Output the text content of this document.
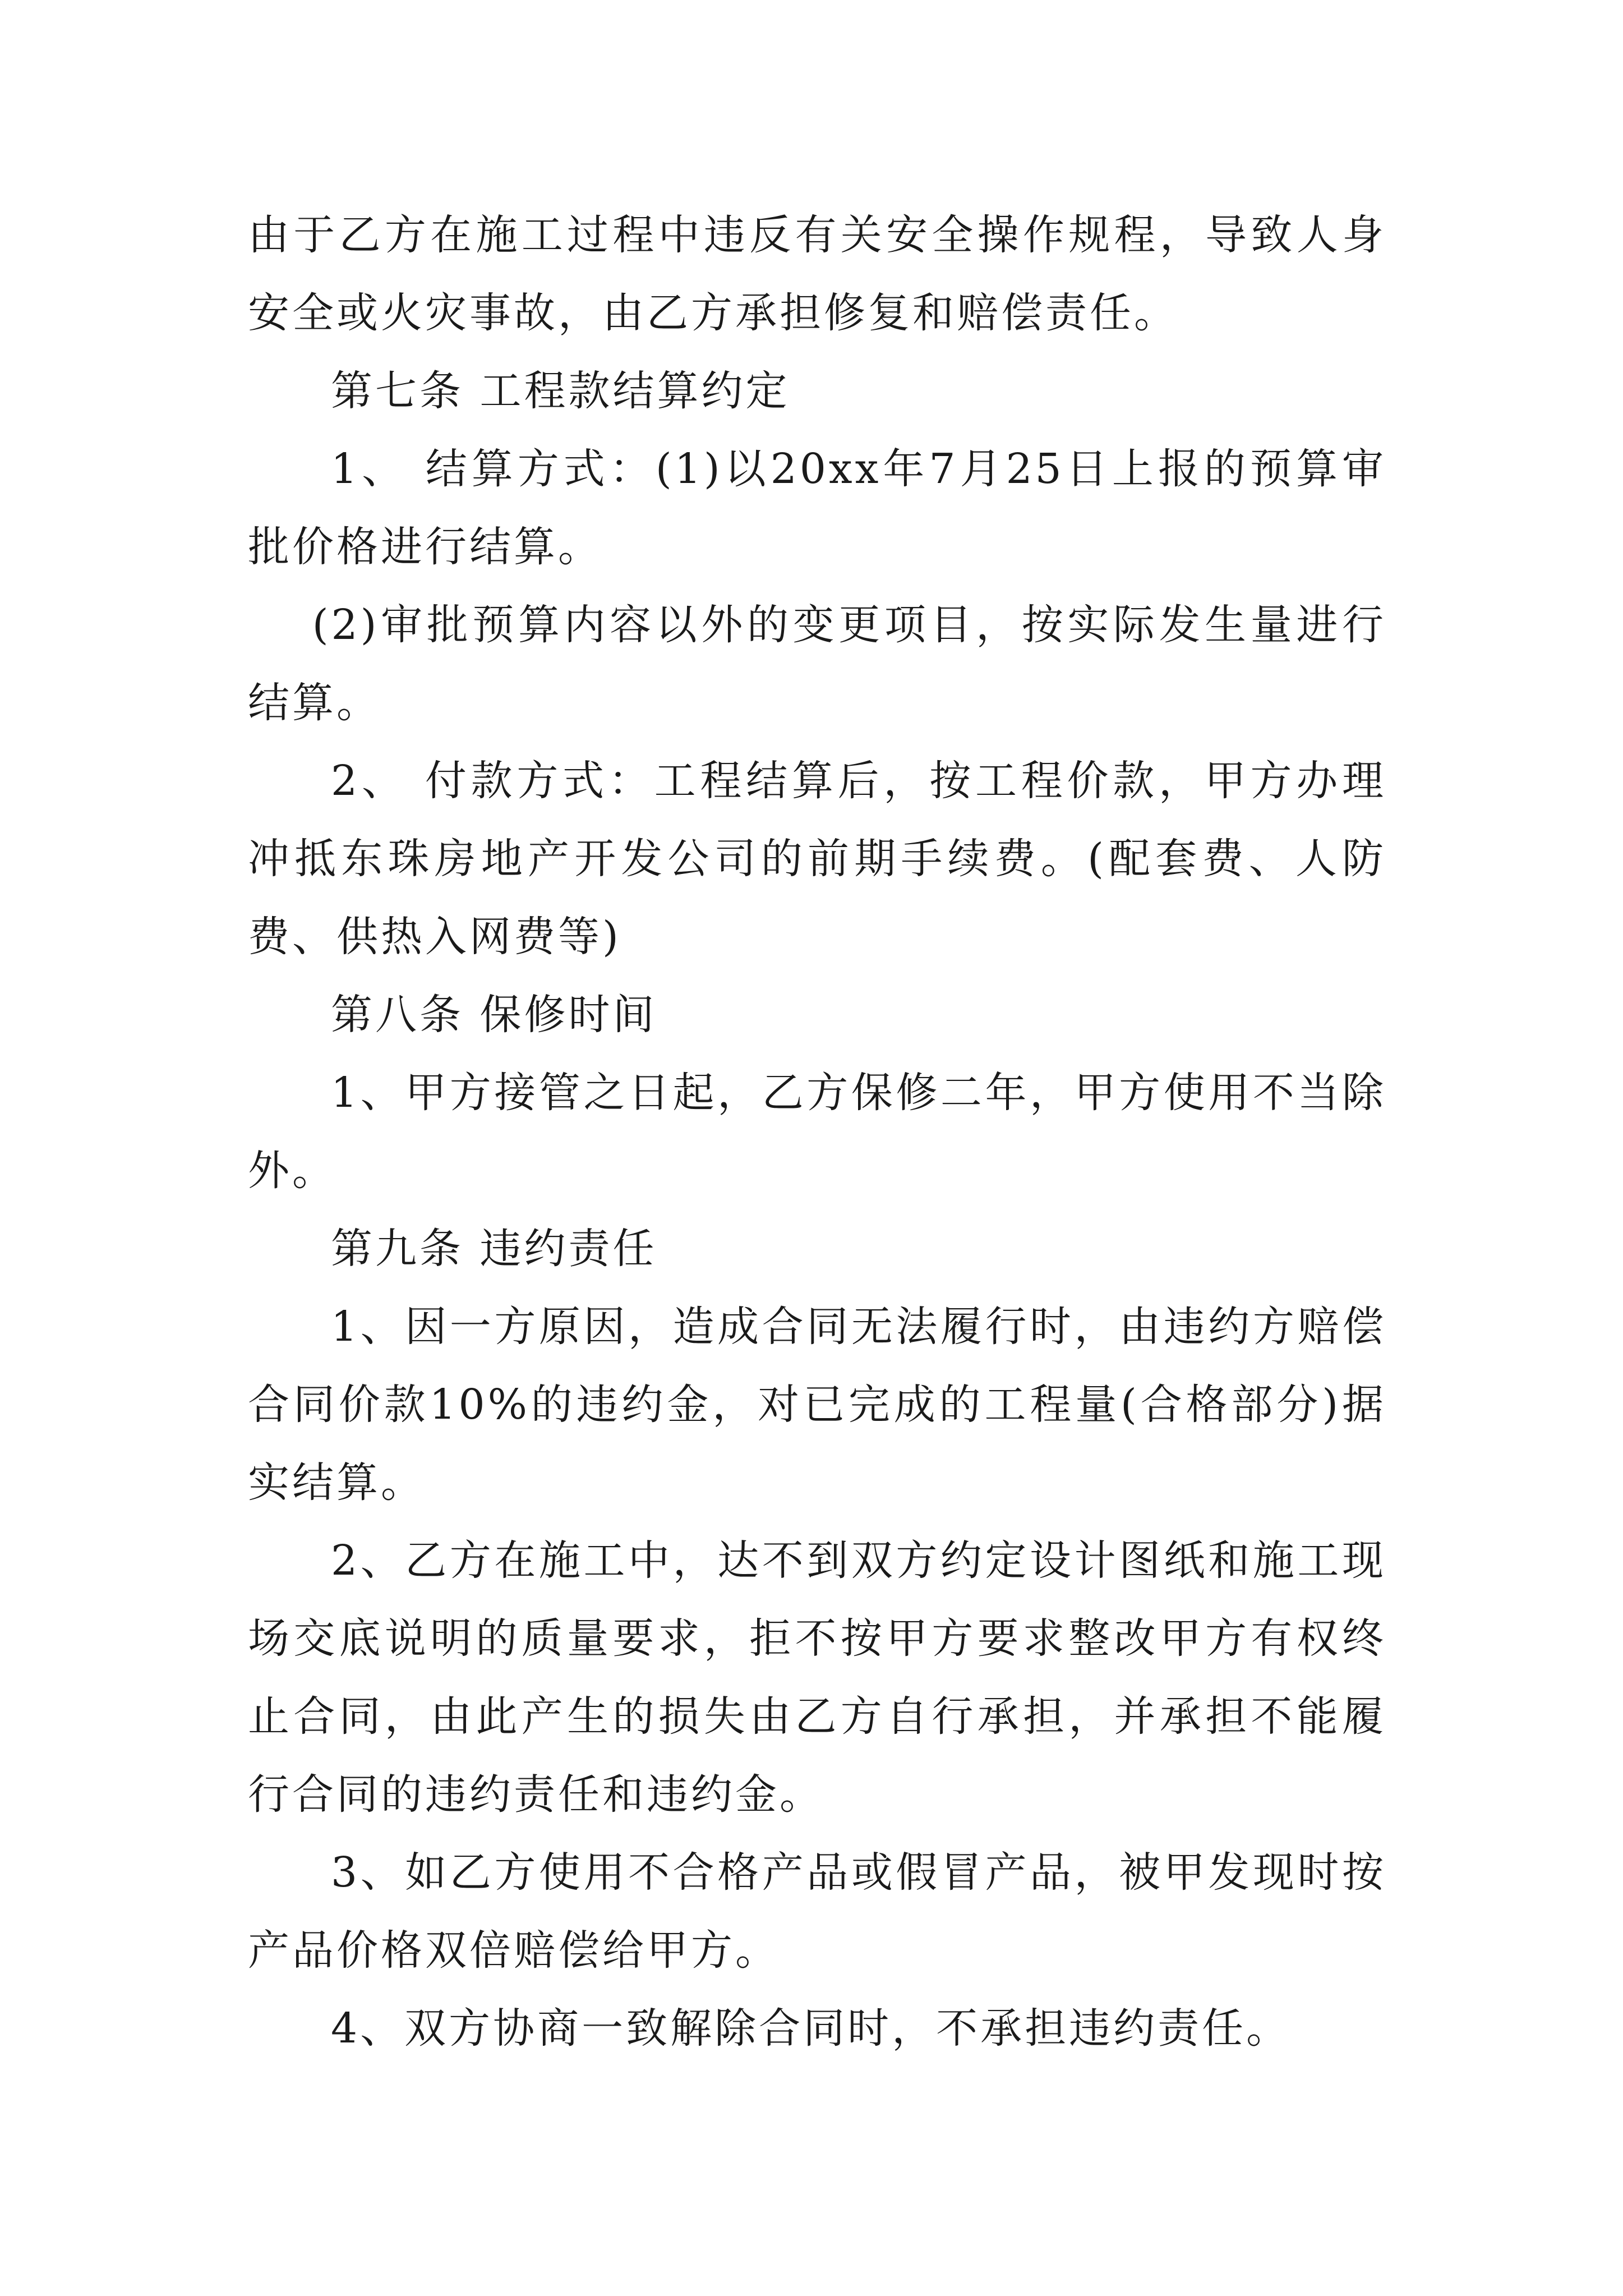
由于乙方在施工过程中违反有关安全操作规程，导致人身安全或火灾事故，由乙方承担修复和赔偿责任。

第七条 工程款结算约定

1、 结算方式：(1)以20xx年7月25日上报的预算审批价格进行结算。

(2)审批预算内容以外的变更项目，按实际发生量进行结算。

2、 付款方式：工程结算后，按工程价款，甲方办理冲抵东珠房地产开发公司的前期手续费。(配套费、人防费、供热入网费等)

第八条 保修时间

1、甲方接管之日起，乙方保修二年，甲方使用不当除外。

第九条 违约责任

1、因一方原因，造成合同无法履行时，由违约方赔偿合同价款10%的违约金，对已完成的工程量(合格部分)据实结算。

2、乙方在施工中，达不到双方约定设计图纸和施工现场交底说明的质量要求，拒不按甲方要求整改甲方有权终止合同，由此产生的损失由乙方自行承担，并承担不能履行合同的违约责任和违约金。

3、如乙方使用不合格产品或假冒产品，被甲发现时按产品价格双倍赔偿给甲方。

4、双方协商一致解除合同时，不承担违约责任。
